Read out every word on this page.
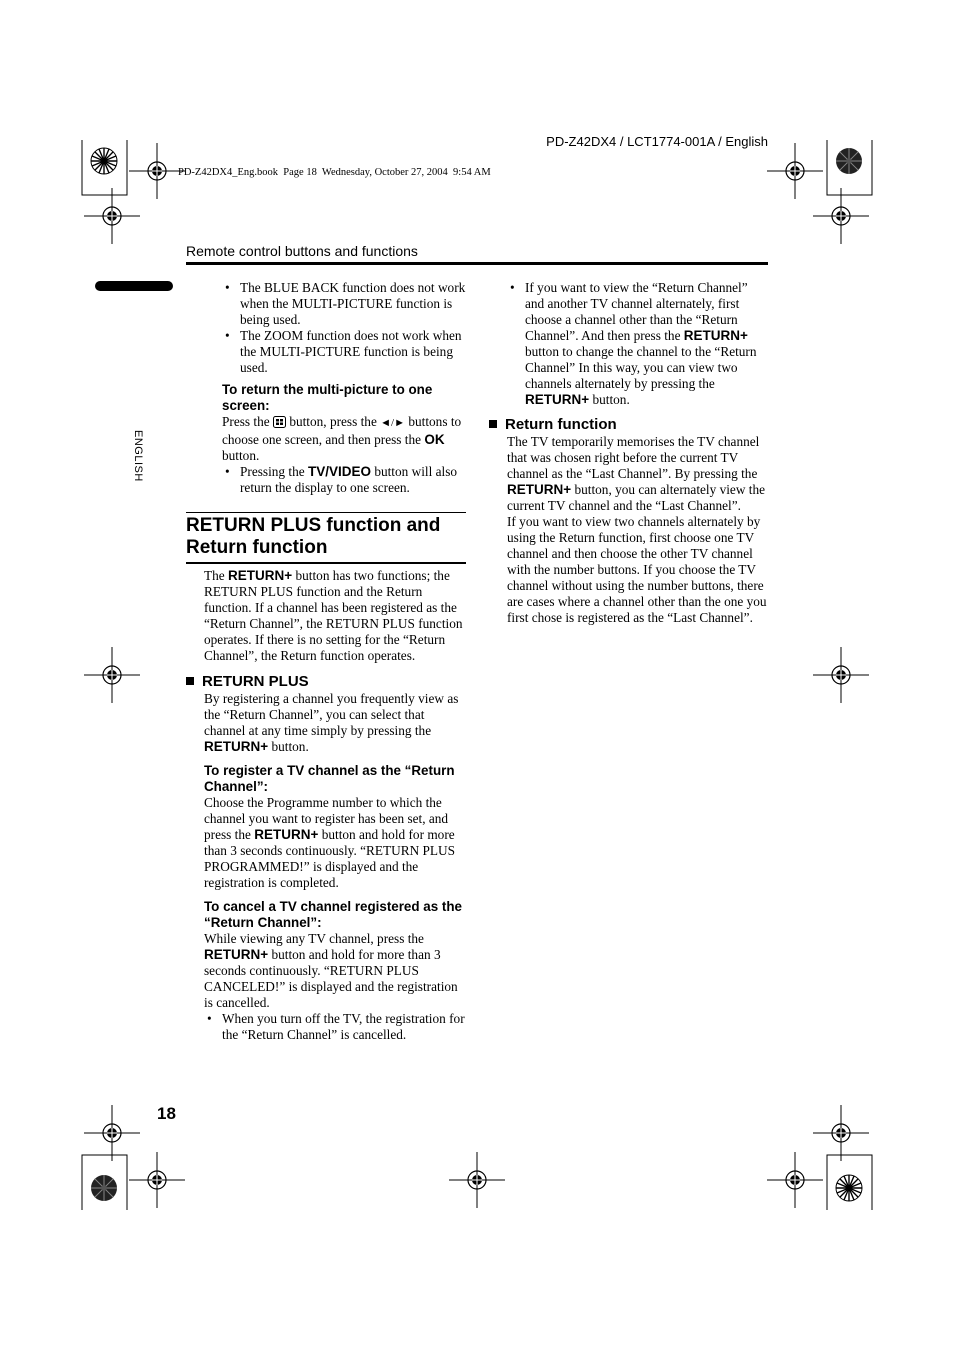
PD-Z42DX4 / LCT1774-001A / English
PD-Z42DX4_Eng.book  Page 18  Wednesday, October 27, 2004  9:54 AM
Remote control buttons and functions
ENGLISH
• The BLUE BACK function does not work when the MULTI-PICTURE function is being used.
• The ZOOM function does not work when the MULTI-PICTURE function is being used.
To return the multi-picture to one screen:
Press the button, press the ◄/► buttons to choose one screen, and then press the OK button.
• Pressing the TV/VIDEO button will also return the display to one screen.
RETURN PLUS function and Return function
The RETURN+ button has two functions; the RETURN PLUS function and the Return function. If a channel has been registered as the “Return Channel”, the RETURN PLUS function operates. If there is no setting for the “Return Channel”, the Return function operates.
RETURN PLUS
By registering a channel you frequently view as the “Return Channel”, you can select that channel at any time simply by pressing the RETURN+ button.
To register a TV channel as the “Return Channel”:
Choose the Programme number to which the channel you want to register has been set, and press the RETURN+ button and hold for more than 3 seconds continuously. “RETURN PLUS PROGRAMMED!” is displayed and the registration is completed.
To cancel a TV channel registered as the “Return Channel”:
While viewing any TV channel, press the RETURN+ button and hold for more than 3 seconds continuously. “RETURN PLUS CANCELED!” is displayed and the registration is cancelled.
• When you turn off the TV, the registration for the “Return Channel” is cancelled.
• If you want to view the “Return Channel” and another TV channel alternately, first choose a channel other than the “Return Channel”. And then press the RETURN+ button to change the channel to the “Return Channel” In this way, you can view two channels alternately by pressing the RETURN+ button.
Return function
The TV temporarily memorises the TV channel that was chosen right before the current TV channel as the “Last Channel”. By pressing the RETURN+ button, you can alternately view the current TV channel and the “Last Channel”.
If you want to view two channels alternately by using the Return function, first choose one TV channel and then choose the other TV channel with the number buttons. If you choose the TV channel without using the number buttons, there are cases where a channel other than the one you first chose is registered as the “Last Channel”.
18
